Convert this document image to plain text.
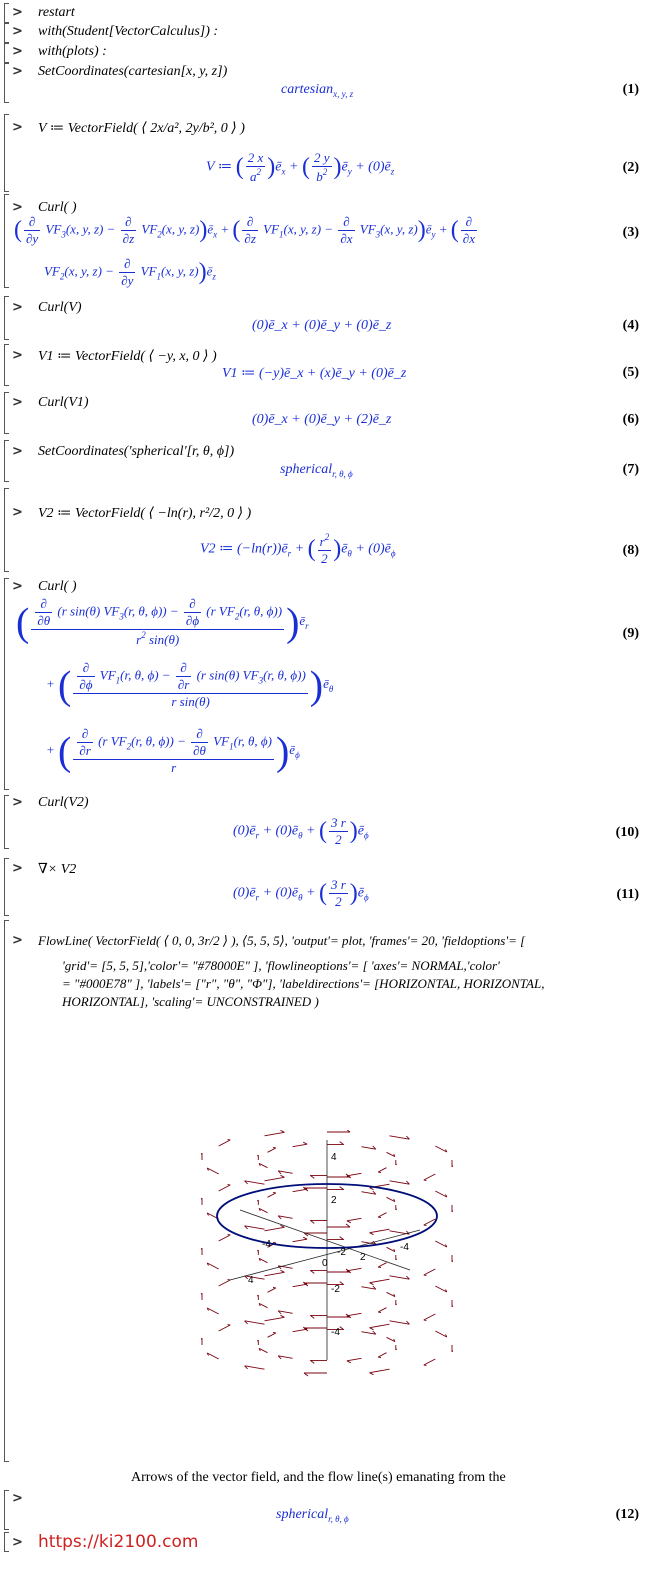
> restart
> with(Student[VectorCalculus]) :
> with(plots) :
> SetCoordinates(cartesian[x, y, z])
cartesian$_{x, y, z}$	(1)
> V ≔ VectorField( ⟨ 2x/a², 2y/b², 0 ⟩ )
V ≔ ( $\frac{2 x}{a^2}$ )$ē_x$ + ( $\frac{2 y}{b^2}$ )$ē_y$ + $(0)ē_z$	(2)
> Curl( )
( $\frac{\partial}{\partial y} VF_3(x$, y, $z) - \frac{\partial}{\partial z} VF_2(x$, y, $z))ē_x$ + ( $\frac{\partial}{\partial z} VF_1(x$, y, $z) - \frac{\partial}{\partial x} VF_3(x$, y, $z))ē_y$ + ( $\frac{\partial}{\partial x}$	(3)
$VF_2(x$, y, $z) - \frac{\partial}{\partial y} VF_1(x$, y, $z))ē_z$
> Curl(V)
(0)ē_x + (0)ē_y + (0)ē_z	(4)
> V1 ≔ VectorField( ⟨ −y, x, 0 ⟩ )
V1 ≔ (−y)ē_x + (x)ē_y + (0)ē_z	(5)
> Curl(V1)
(0)ē_x + (0)ē_y + (2)ē_z	(6)
> SetCoordinates('spherical'[r, θ, ϕ])
spherical$_{r, \theta, \phi}$	(7)
> V2 ≔ VectorField( ⟨ −ln(r), r²/2, 0 ⟩ )
V2 ≔ $(-\ln(r))ē_r$ + ( $\frac{r^2}{2}$ )$ē_\theta$ + $(0)ē_\phi$	(8)
> Curl( )
( $\frac{\frac{\partial}{\partial\theta} (r \sin(\theta) VF_3(r, \theta, \phi)) - \frac{\partial}{\partial\phi} (r VF_2(r, \theta, \phi))}{r^2 \sin(\theta)}$ )$ē_r$
(9)
+ ( $\frac{\frac{\partial}{\partial\phi} VF_1(r, \theta, \phi) - \frac{\partial}{\partial r} (r \sin(\theta) VF_3(r, \theta, \phi))}{\text{r sin(θ)}}$ )$ē_\theta$
+ ( $\frac{\frac{\partial}{\partial r} (r VF_2(r, \theta, \phi)) - \frac{\partial}{\partial\theta} VF_1(r, \theta, \phi)}{r}$ )$ē_\phi$
> Curl(V2)
$(0)ē_r$ + $(0)ē_\theta$ + ( $\frac{3 r}{2}$ )$ē_\phi$	(10)
> ∇× V2
$(0)ē_r$ + $(0)ē_\theta$ + ( $\frac{3 r}{2}$ )$ē_\phi$	(11)
> FlowLine( VectorField( ⟨ 0, 0, 3r/2 ⟩ ), ⟨5, 5, 5⟩, 'output'= plot, 'frames'= 20, 'fieldoptions'= [
'grid'= [5, 5, 5],'color'= "#78000E" ], 'flowlineoptions'= [ 'axes'= NORMAL,'color'
= "#000E78" ], 'labels'= ["r", "θ", "Φ"], 'labeldirections'= [HORIZONTAL, HORIZONTAL,
HORIZONTAL], 'scaling'= UNCONSTRAINED )
4
2
-4
-2
0
-4
4
2
-4
-2
Arrows of the vector field, and the flow line(s) emanating from the
>
spherical$_{r, \theta, \phi}$	(12)
> https://ki2100.com
